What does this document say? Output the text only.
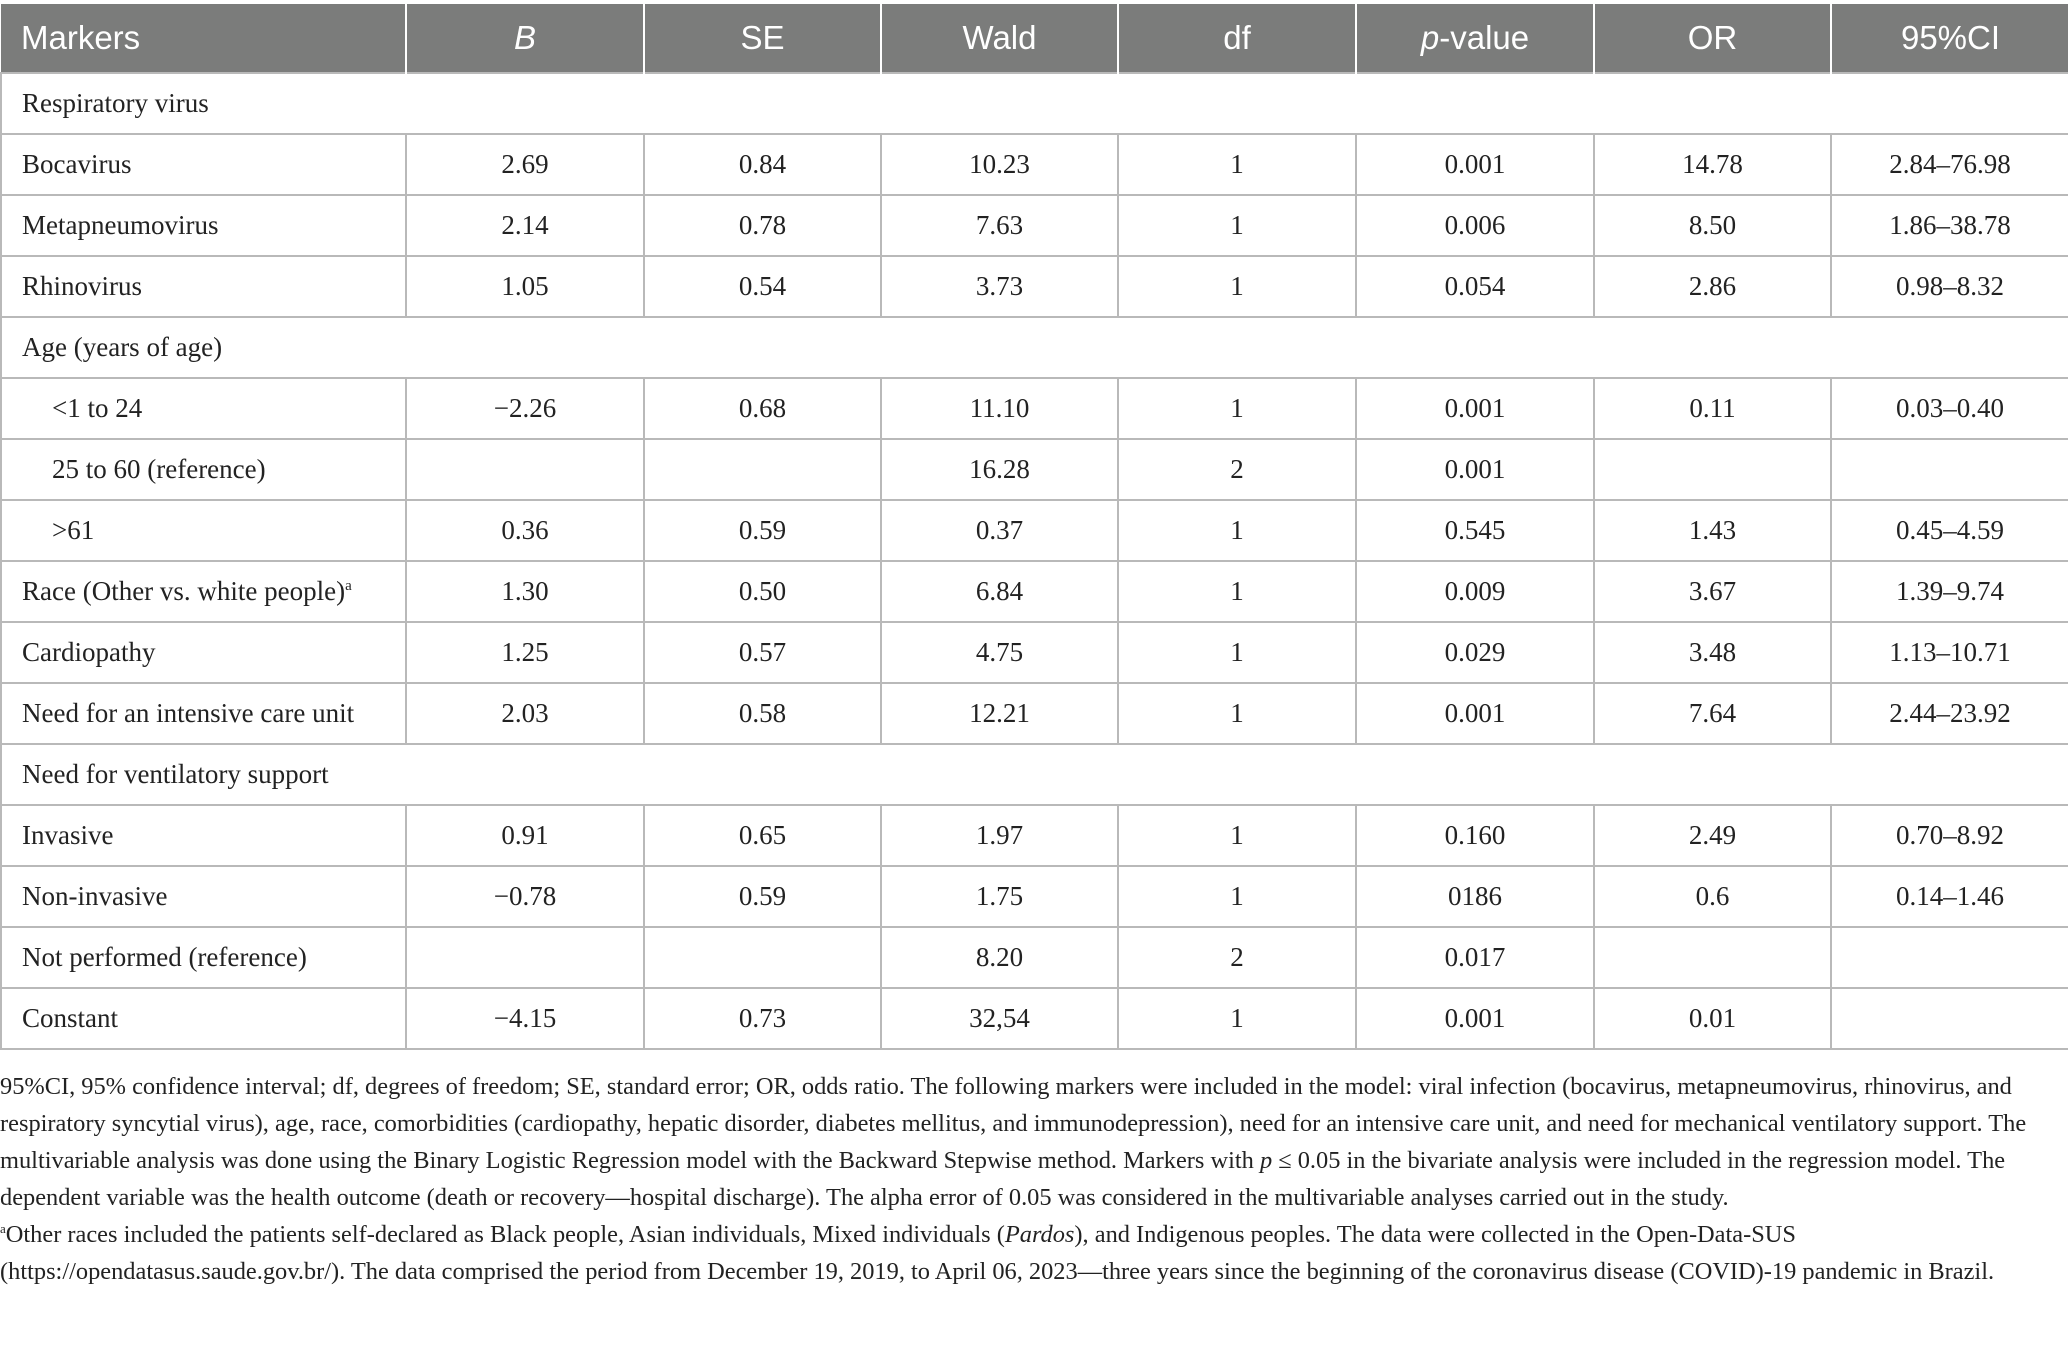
Markers	B	SE	Wald	df	p-value	OR	95%CI
Respiratory virus							
Bocavirus	2.69	0.84	10.23	1	0.001	14.78	2.84–76.98
Metapneumovirus	2.14	0.78	7.63	1	0.006	8.50	1.86–38.78
Rhinovirus	1.05	0.54	3.73	1	0.054	2.86	0.98–8.32
Age (years of age)							
<1 to 24	−2.26	0.68	11.10	1	0.001	0.11	0.03–0.40
25 to 60 (reference)			16.28	2	0.001		
>61	0.36	0.59	0.37	1	0.545	1.43	0.45–4.59
Race (Other vs. white people)$^a$	1.30	0.50	6.84	1	0.009	3.67	1.39–9.74
Cardiopathy	1.25	0.57	4.75	1	0.029	3.48	1.13–10.71
Need for an intensive care unit	2.03	0.58	12.21	1	0.001	7.64	2.44–23.92
Need for ventilatory support							
Invasive	0.91	0.65	1.97	1	0.160	2.49	0.70–8.92
Non-invasive	−0.78	0.59	1.75	1	0186	0.6	0.14–1.46
Not performed (reference)			8.20	2	0.017		
Constant	−4.15	0.73	32,54	1	0.001	0.01	

95%CI, 95% confidence interval; df, degrees of freedom; SE, standard error; OR, odds ratio. The following markers were included in the model: viral infection (bocavirus, metapneumovirus, rhinovirus, and respiratory syncytial virus), age, race, comorbidities (cardiopathy, hepatic disorder, diabetes mellitus, and immunodepression), need for an intensive care unit, and need for mechanical ventilatory support. The multivariable analysis was done using the Binary Logistic Regression model with the Backward Stepwise method. Markers with p ≤ 0.05 in the bivariate analysis were included in the regression model. The dependent variable was the health outcome (death or recovery—hospital discharge). The alpha error of 0.05 was considered in the multivariable analyses carried out in the study.

$^a$Other races included the patients self-declared as Black people, Asian individuals, Mixed individuals (Pardos), and Indigenous peoples. The data were collected in the Open-Data-SUS (https://opendatasus.saude.gov.br/). The data comprised the period from December 19, 2019, to April 06, 2023—three years since the beginning of the coronavirus disease (COVID)-19 pandemic in Brazil.
